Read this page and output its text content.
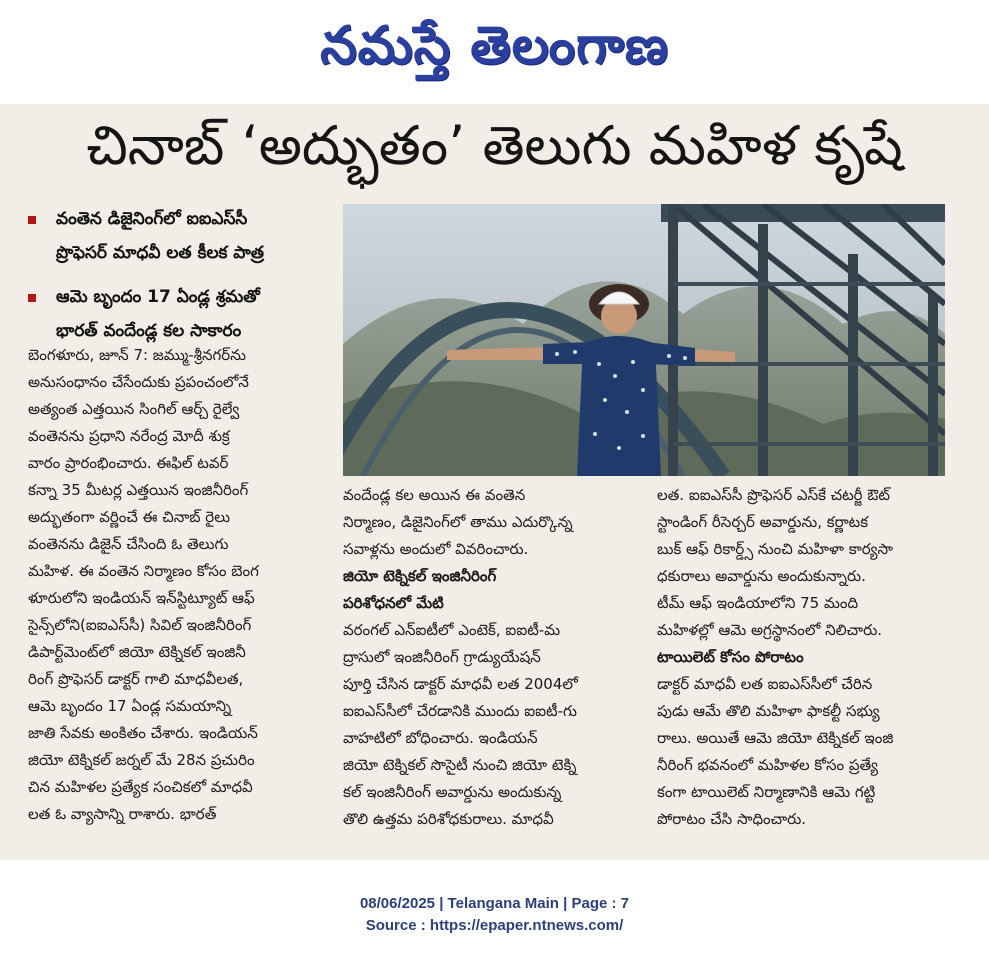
నమస్తే తెలంగాణ
చినాబ్ ‘అద్భుతం’ తెలుగు మహిళ కృషే
వంతెన డిజైనింగ్‌లో ఐఐఎస్‌సీ
ప్రొఫెసర్ మాధవీ లత కీలక పాత్ర
ఆమె బృందం 17 ఏండ్ల శ్రమతో
భారత్ వందేండ్ల కల సాకారం
బెంగళూరు, జూన్ 7: జమ్ము-శ్రీనగర్‌ను
అనుసంధానం చేసేందుకు ప్రపంచంలోనే
అత్యంత ఎత్తయిన సింగిల్ ఆర్చ్ రైల్వే
వంతెనను ప్రధాని నరేంద్ర మోదీ శుక్ర
వారం ప్రారంభించారు. ఈఫిల్ టవర్
కన్నా 35 మీటర్ల ఎత్తయిన ఇంజినీరింగ్
అద్భుతంగా వర్ణించే ఈ చినాబ్ రైలు
వంతెనను డిజైన్ చేసింది ఓ తెలుగు
మహిళ. ఈ వంతెన నిర్మాణం కోసం బెంగ
ళూరులోని ఇండియన్ ఇన్‌స్టిట్యూట్ ఆఫ్
సైన్స్‌లోని(ఐఐఎస్‌సీ) సివిల్ ఇంజినీరింగ్
డిపార్ట్‌మెంట్‌లో జియో టెక్నికల్ ఇంజినీ
రింగ్ ప్రొఫెసర్ డాక్టర్ గాలి మాధవీలత,
ఆమె బృందం 17 ఏండ్ల సమయాన్ని
జాతి సేవకు అంకితం చేశారు. ఇండియన్
జియో టెక్నికల్ జర్నల్ మే 28న ప్రచురిం
చిన మహిళల ప్రత్యేక సంచికలో మాధవీ
లత ఓ వ్యాసాన్ని రాశారు. భారత్
వందేండ్ల కల అయిన ఈ వంతెన
నిర్మాణం, డిజైనింగ్‌లో తాము ఎదుర్కొన్న
సవాళ్లను అందులో వివరించారు.
జియో టెక్నికల్ ఇంజినీరింగ్
పరిశోధనలో మేటి
వరంగల్ ఎన్‌ఐటీలో ఎంటెక్, ఐఐటీ-మ
ద్రాసులో ఇంజినీరింగ్ గ్రాడ్యుయేషన్
పూర్తి చేసిన డాక్టర్ మాధవీ లత 2004లో
ఐఐఎస్‌సీలో చేరడానికి ముందు ఐఐటీ-గు
వాహటిలో బోధించారు. ఇండియన్
జియో టెక్నికల్ సొసైటీ నుంచి జియో టెక్ని
కల్ ఇంజినీరింగ్ అవార్డును అందుకున్న
తొలి ఉత్తమ పరిశోధకురాలు. మాధవీ
లత. ఐఐఎస్‌సీ ప్రొఫెసర్ ఎస్‌కే చటర్జీ ఔట్
స్టాండింగ్ రీసెర్చర్ అవార్డును, కర్ణాటక
బుక్ ఆఫ్ రికార్డ్స్ నుంచి మహిళా కార్యసా
ధకురాలు అవార్డును అందుకున్నారు.
టీమ్ ఆఫ్ ఇండియాలోని 75 మంది
మహిళల్లో ఆమె అగ్రస్థానంలో నిలిచారు.
టాయిలెట్ కోసం పోరాటం
డాక్టర్ మాధవీ లత ఐఐఎస్‌సీలో చేరిన
పుడు ఆమే తొలి మహిళా ఫాకల్టీ సభ్యు
రాలు. అయితే ఆమె జియో టెక్నికల్ ఇంజి
నీరింగ్ భవనంలో మహిళల కోసం ప్రత్యే
కంగా టాయిలెట్ నిర్మాణానికి ఆమె గట్టి
పోరాటం చేసి సాధించారు.
08/06/2025 | Telangana Main | Page : 7
Source : https://epaper.ntnews.com/
